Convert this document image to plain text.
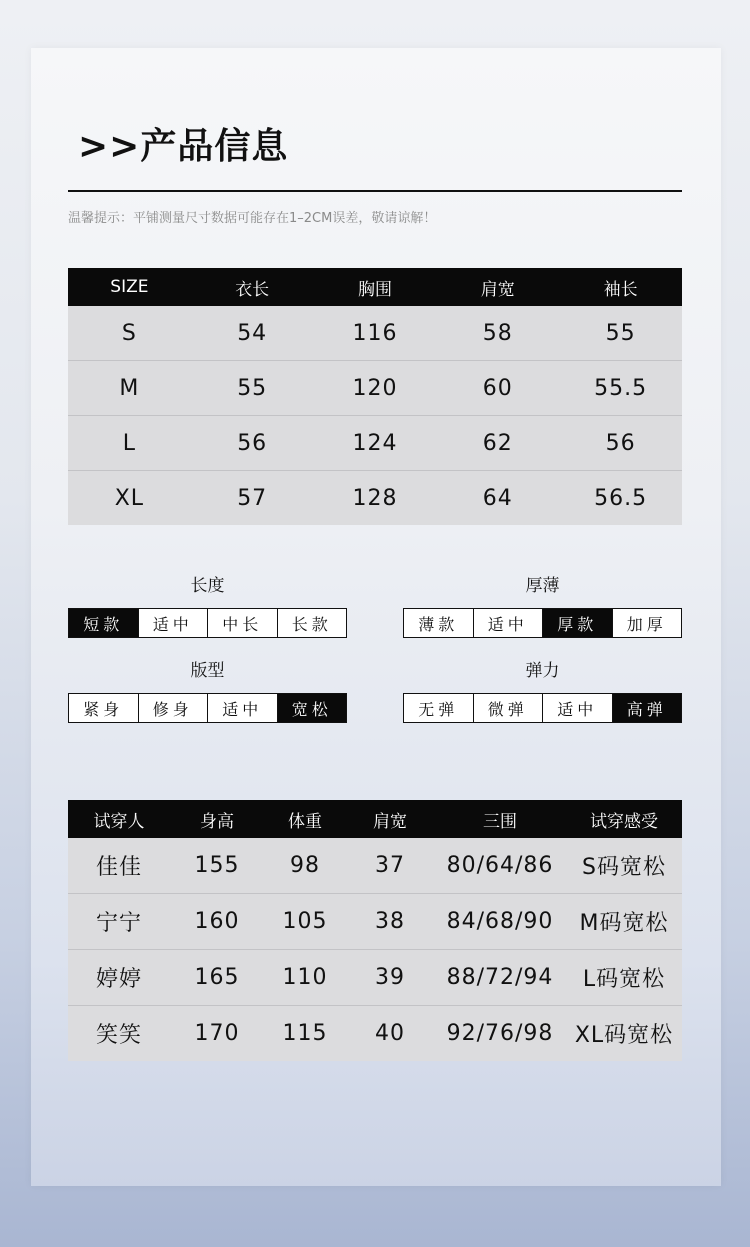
>>产品信息

温馨提示：平铺测量尺寸数据可能存在1–2CM误差，敬请谅解！

SIZE	衣长	胸围	肩宽	袖长
S	54	116	58	55
M	55	120	60	55.5
L	56	124	62	56
XL	57	128	64	56.5

长度

短款	适中	中长	长款

厚薄

薄款	适中	厚款	加厚

版型

紧身	修身	适中	宽松

弹力

无弹	微弹	适中	高弹
试穿人	身高	体重	肩宽	三围	试穿感受
佳佳	155	98	37	80/64/86	S码宽松
宁宁	160	105	38	84/68/90	M码宽松
婷婷	165	110	39	88/72/94	L码宽松
笑笑	170	115	40	92/76/98	XL码宽松
